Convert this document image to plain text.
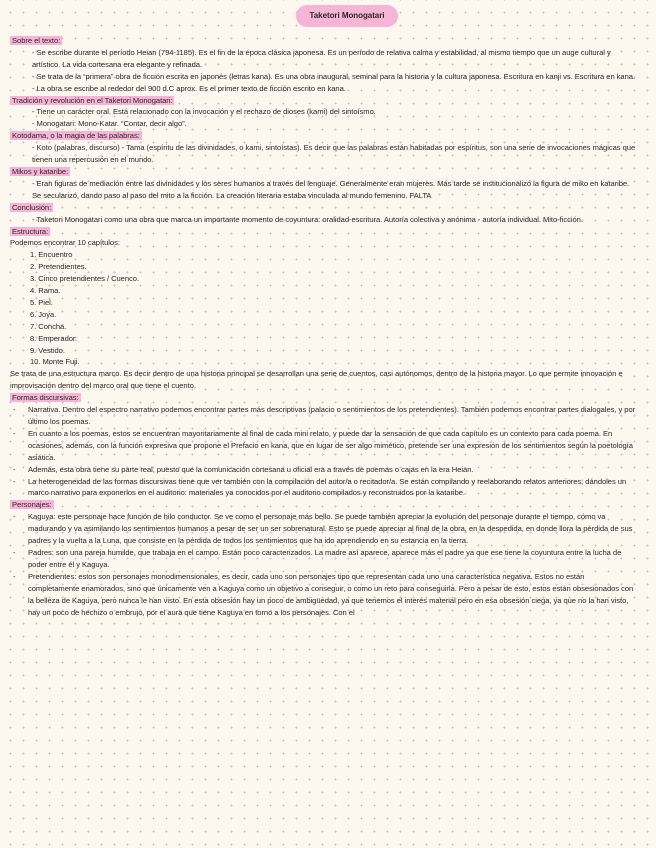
Taketori Monogatari

Sobre el texto:

- Se escribe durante el período Heian (794-1185). Es el fin de la época clásica japonesa. Es un período de relativa calma y estabilidad, al mismo tiempo que un auge cultural y artístico. La vida cortesana era elegante y refinada.

- Se trata de la “primera” obra de ficción escrita en japonés (letras kana). Es una obra inaugural, seminal para la historia y la cultura japonesa. Escritura en kanji vs. Escritura en kana.

- La obra se escribe al rededor del 900 d.C aprox. Es el primer texto de ficción escrito en kana.

Tradición y revolución en el Taketori Monogatari:

- Tiene un carácter oral. Está relacionado con la invocación y el rechazo de dioses (kami) del sintoísmo.

- Monogatari: Mono-Katar. “Contar, decir algo”.

Kotodama, o la magia de las palabras:

- Koto (palabras, discurso) - Tama (espíritu de las divinidades, o kami, sintoístas). Es decir que las palabras están habitadas por espíritus, son una serie de invocaciones mágicas que tienen una repercusión en el mundo.

Mikos y kataribe:

- Eran figuras de mediación entre las divinidades y los seres humanos a través del lenguaje. Generalmente eran mujeres. Más tarde se institucionalizó la figura de miko en kataribe. Se secularizó, dando paso al paso del mito a la ficción. La creación literaria estaba vinculada al mundo femenino. FALTA

Conclusión:

- Taketori Monogatari como una obra que marca un importante momento de coyuntura: oralidad-escritura. Autoría colectiva y anónima - autoría individual. Mito-ficción.

Estructura:

Podemos encontrar 10 capítulos:

1. Encuentro

2. Pretendientes.

3. Cinco pretendientes / Cuenco.

4. Rama.

5. Piel.

6. Joya.

7. Concha.

8. Emperador.

9. Vestido.

10. Monte Fuji.

Se trata de una estructura marco. Es decir dentro de una historia principal se desarrollan una serie de cuentos, casi autónomos, dentro de la historia mayor. Lo que permite innovación e improvisación dentro del marco oral que tiene el cuento.

Formas discursivas:

- Narrativa. Dentro del espectro narrativo podemos encontrar partes más descriptivas (palacio o sentimientos de los pretendientes). También podemos encontrar partes dialogales, y por último los poemas.

- En cuanto a los poemas, estos se encuentran mayoritariamente al final de cada mini relato, y puede dar la sensación de que cada capítulo es un contexto para cada poema. En ocasiones, además, con la función expresiva que propone el Prefacio en kana, que en lugar de ser algo mimético, pretende ser una expresión de los sentimientos según la poetología asiática.

- Además, esta obra tiene su parte real, puesto que la comunicación cortesana u oficial era a través de poemas o cajas en la era Heian.

- La heterogeneidad de las formas discursivas tiene que ver también con la compilación del autor/a o recitador/a. Se están compilando y reelaborando relatos anteriores, dándoles un marco narrativo para exponerlos en el auditorio: materiales ya conocidos por el auditorio compilados y reconstruidos por la kataribe.

Personajes:

- Kaguya: este personaje hace función de hilo conductor. Se ve como el personaje más bello. Se puede también apreciar la evolución del personaje durante el tiempo, cómo va madurando y va asimilando los sentimientos humanos a pesar de ser un ser sobrenatural. Esto se puede apreciar al final de la obra, en la despedida, en donde llora la pérdida de sus padres y la vuelta a la Luna, que consiste en la pérdida de todos los sentimientos que ha ido aprendiendo en su estancia en la tierra.

- Padres: son una pareja humilde, que trabaja en el campo. Están poco caracterizados. La madre así aparece, aparece más el padre ya que ese tiene la coyuntura entre la lucha de poder entre él y Kaguya.

- Pretendientes: estos son personajes monodimensionales, es decir, cada uno son personajes tipo que representan cada uno una característica negativa. Estos no están completamente enamorados, sino que únicamente ven a Kaguya como un objetivo a conseguir, o como un reto para conseguirla. Pero a pesar de esto, estos están obsesionados con la belleza de Kaguya, pero nunca le han visto. En esta obsesión hay un poco de ambigüedad, ya que tenemos el interés material pero en esa obsesión ciega, ya que no la han visto, hay un poco de hechizo o embrujo, por el aura que tiene Kaguya en torno a los personajes. Con el
